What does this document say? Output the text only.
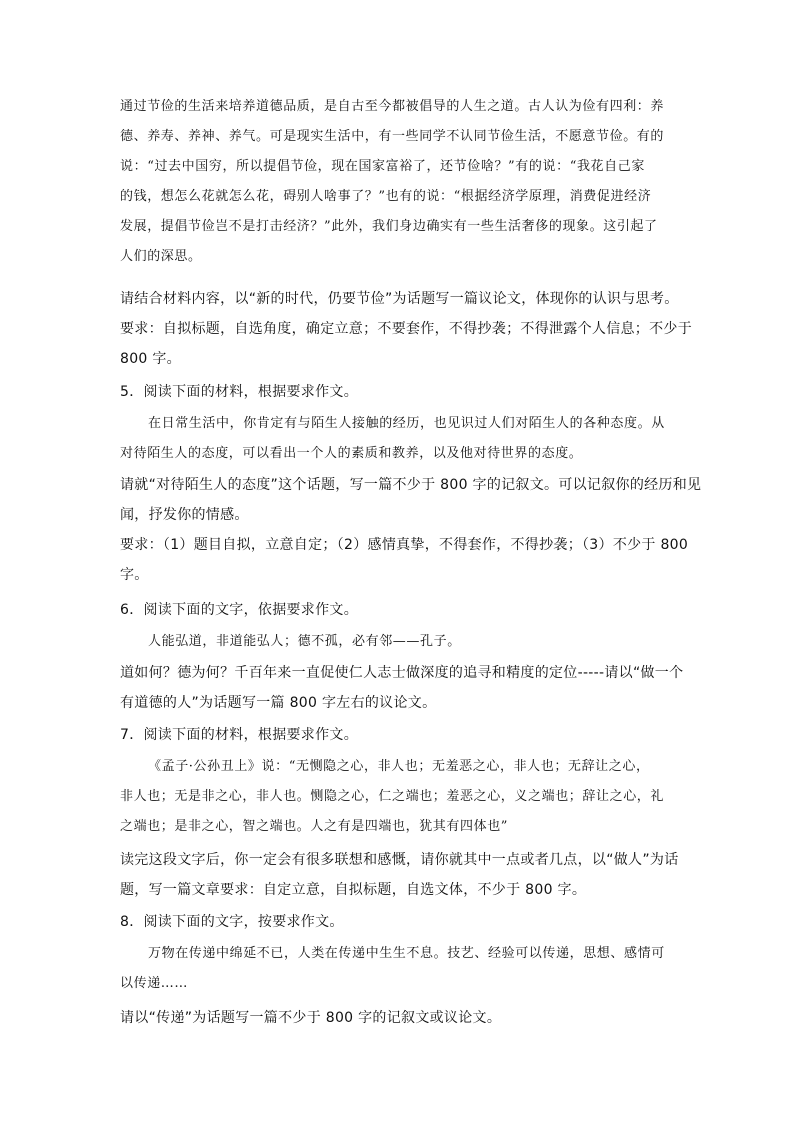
通过节俭的生活来培养道德品质，是自古至今都被倡导的人生之道。古人认为俭有四利：养
德、养寿、养神、养气。可是现实生活中，有一些同学不认同节俭生活，不愿意节俭。有的
说：“过去中国穷，所以提倡节俭，现在国家富裕了，还节俭啥？”有的说：“我花自己家
的钱，想怎么花就怎么花，碍别人啥事了？”也有的说：“根据经济学原理，消费促进经济
发展，提倡节俭岂不是打击经济？”此外，我们身边确实有一些生活奢侈的现象。这引起了
人们的深思。
请结合材料内容，以“新的时代，仍要节俭”为话题写一篇议论文，体现你的认识与思考。
要求：自拟标题，自选角度，确定立意；不要套作，不得抄袭；不得泄露个人信息；不少于
800 字。
5．阅读下面的材料，根据要求作文。
在日常生活中，你肯定有与陌生人接触的经历，也见识过人们对陌生人的各种态度。从
对待陌生人的态度，可以看出一个人的素质和教养，以及他对待世界的态度。
请就“对待陌生人的态度”这个话题，写一篇不少于 800 字的记叙文。可以记叙你的经历和见
闻，抒发你的情感。
要求：（1）题目自拟，立意自定；（2）感情真挚，不得套作，不得抄袭；（3）不少于 800
字。
6．阅读下面的文字，依据要求作文。
人能弘道，非道能弘人；德不孤，必有邻——孔子。
道如何？德为何？千百年来一直促使仁人志士做深度的追寻和精度的定位-----请以“做一个
有道德的人”为话题写一篇 800 字左右的议论文。
7．阅读下面的材料，根据要求作文。
《孟子·公孙丑上》说：“无恻隐之心，非人也；无羞恶之心，非人也；无辞让之心，
非人也；无是非之心，非人也。恻隐之心，仁之端也；羞恶之心，义之端也；辞让之心，礼
之端也；是非之心，智之端也。人之有是四端也，犹其有四体也”
读完这段文字后，你一定会有很多联想和感慨，请你就其中一点或者几点，以“做人”为话
题，写一篇文章要求：自定立意，自拟标题，自选文体，不少于 800 字。
8．阅读下面的文字，按要求作文。
万物在传递中绵延不已，人类在传递中生生不息。技艺、经验可以传递，思想、感情可
以传递……
请以“传递”为话题写一篇不少于 800 字的记叙文或议论文。
